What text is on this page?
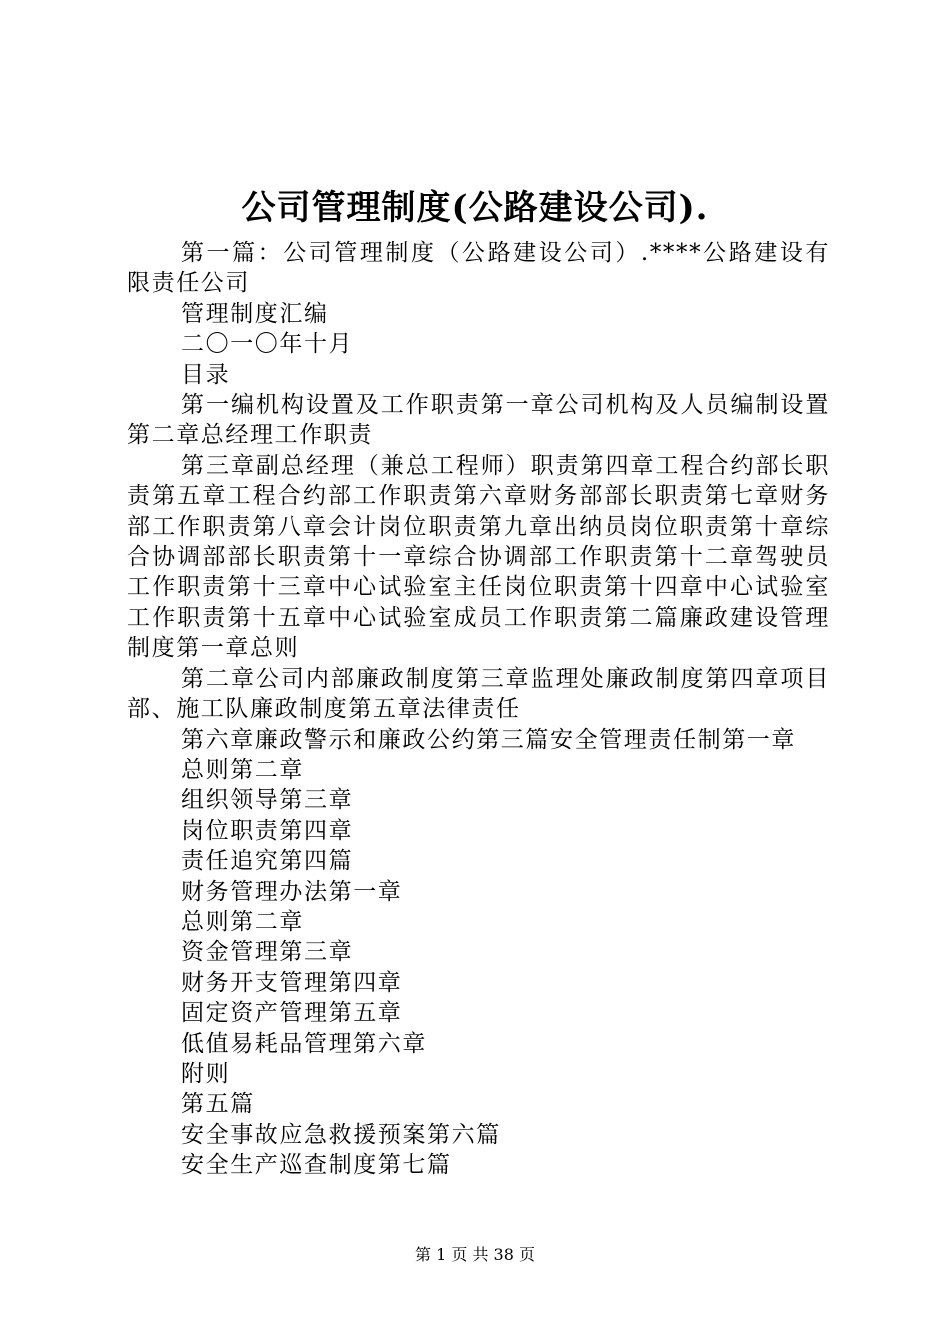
公司管理制度(公路建设公司).

第一篇：公司管理制度（公路建设公司）.****公路建设有限责任公司

管理制度汇编

二〇一〇年十月

目录

第一编机构设置及工作职责第一章公司机构及人员编制设置第二章总经理工作职责

第三章副总经理（兼总工程师）职责第四章工程合约部长职责第五章工程合约部工作职责第六章财务部部长职责第七章财务部工作职责第八章会计岗位职责第九章出纳员岗位职责第十章综合协调部部长职责第十一章综合协调部工作职责第十二章驾驶员工作职责第十三章中心试验室主任岗位职责第十四章中心试验室工作职责第十五章中心试验室成员工作职责第二篇廉政建设管理制度第一章总则

第二章公司内部廉政制度第三章监理处廉政制度第四章项目部、施工队廉政制度第五章法律责任

第六章廉政警示和廉政公约第三篇安全管理责任制第一章

总则第二章

组织领导第三章

岗位职责第四章

责任追究第四篇

财务管理办法第一章

总则第二章

资金管理第三章

财务开支管理第四章

固定资产管理第五章

低值易耗品管理第六章

附则

第五篇

安全事故应急救援预案第六篇

安全生产巡查制度第七篇

第 1 页 共 38 页
